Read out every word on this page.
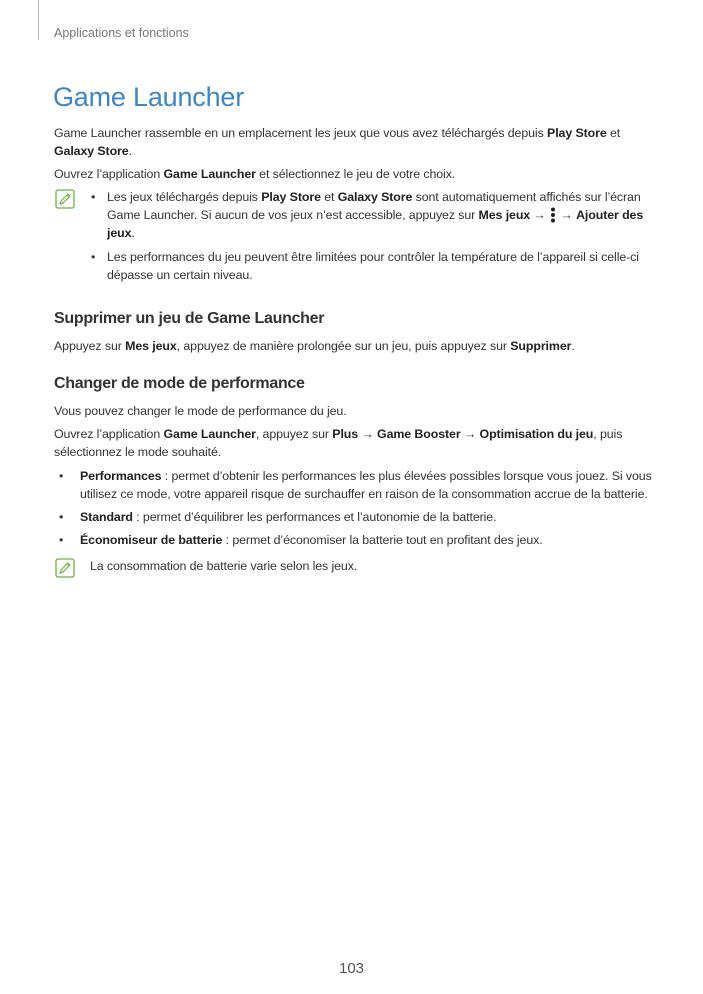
Applications et fonctions
Game Launcher

Game Launcher rassemble en un emplacement les jeux que vous avez téléchargés depuis Play Store et Galaxy Store.

Ouvrez l’application Game Launcher et sélectionnez le jeu de votre choix.

• Les jeux téléchargés depuis Play Store et Galaxy Store sont automatiquement affichés sur l’écran Game Launcher. Si aucun de vos jeux n’est accessible, appuyez sur Mes jeux →  → Ajouter des jeux.
• Les performances du jeu peuvent être limitées pour contrôler la température de l’appareil si celle-ci dépasse un certain niveau.
Supprimer un jeu de Game Launcher

Appuyez sur Mes jeux, appuyez de manière prolongée sur un jeu, puis appuyez sur Supprimer.

Changer de mode de performance

Vous pouvez changer le mode de performance du jeu.

Ouvrez l’application Game Launcher, appuyez sur Plus → Game Booster → Optimisation du jeu, puis sélectionnez le mode souhaité.

• Performances : permet d’obtenir les performances les plus élevées possibles lorsque vous jouez. Si vous utilisez ce mode, votre appareil risque de surchauffer en raison de la consommation accrue de la batterie.
• Standard : permet d’équilibrer les performances et l’autonomie de la batterie.
• Économiseur de batterie : permet d’économiser la batterie tout en profitant des jeux.
La consommation de batterie varie selon les jeux.
103
